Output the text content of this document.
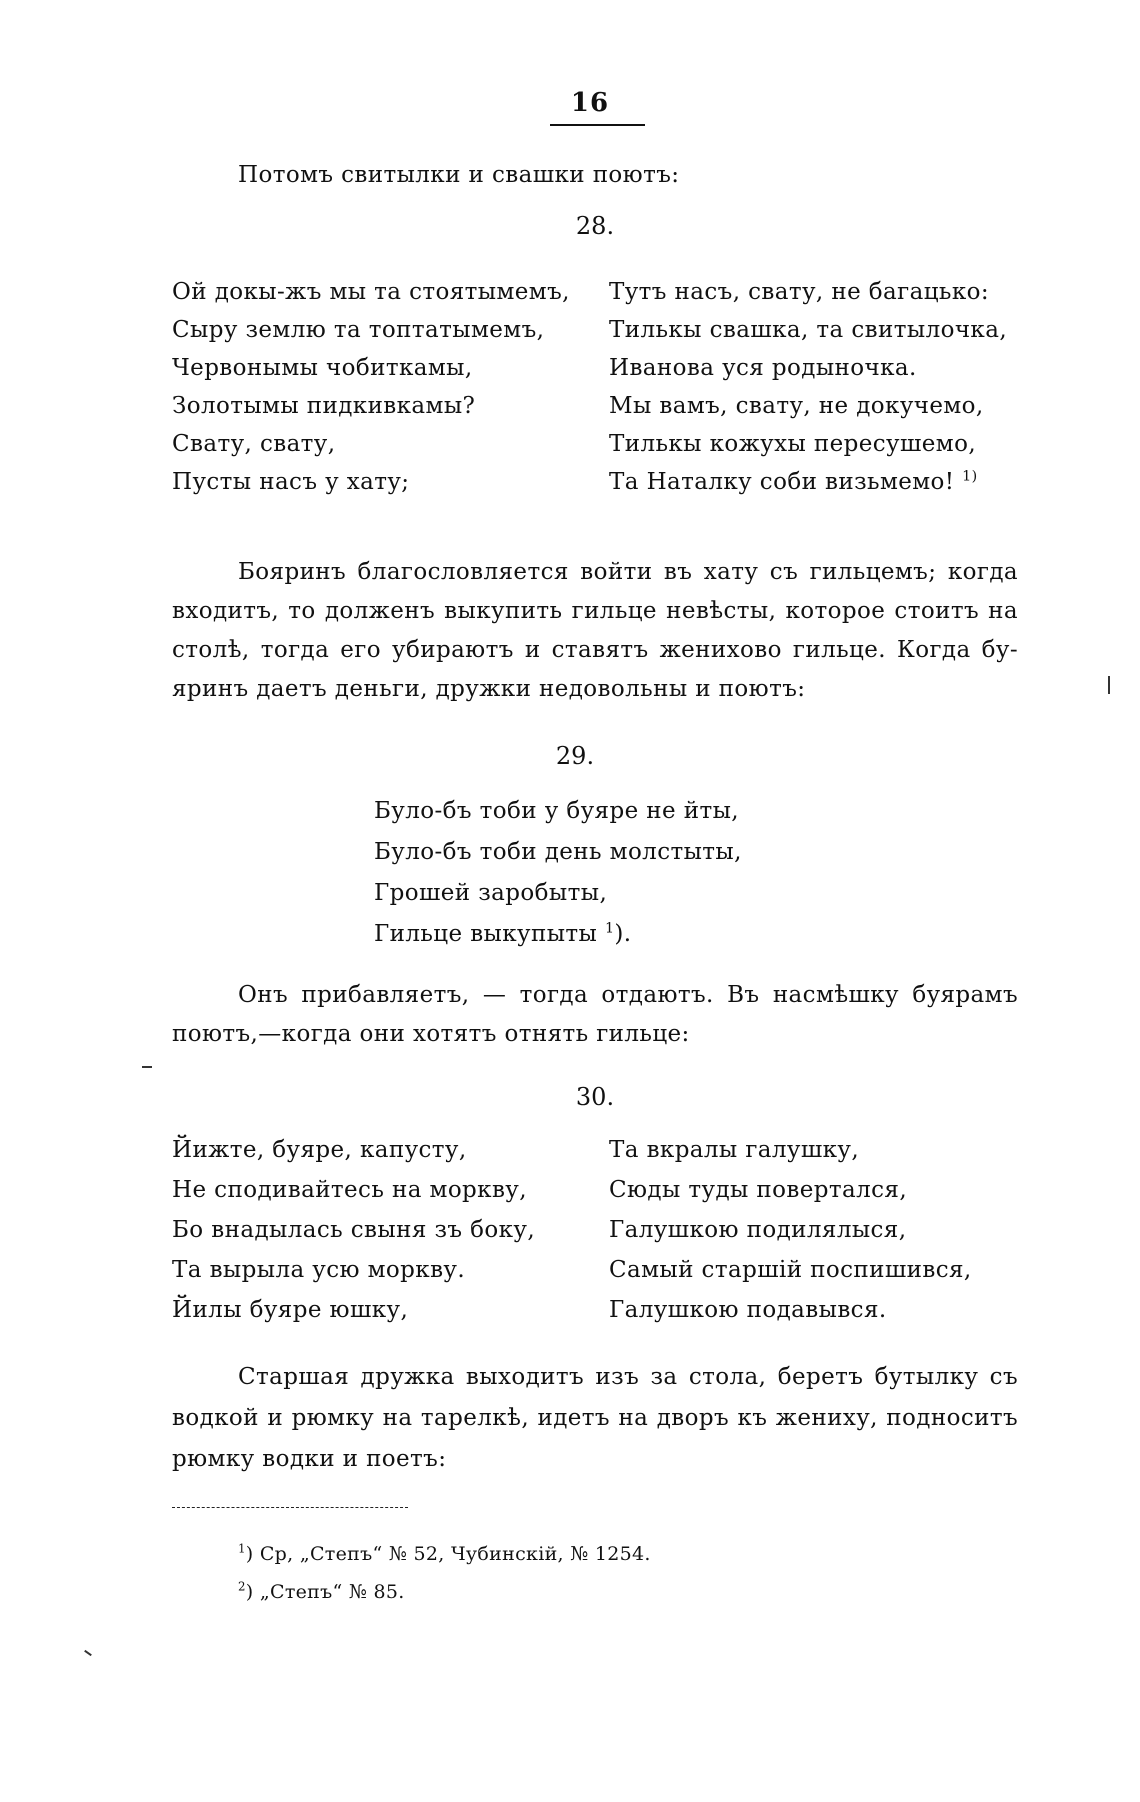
16
Потомъ свитылки и свашки поютъ:
28.
Ой докы-жъ мы та стоятымемъ,
Сыру землю та топтатымемъ,
Червонымы чобиткамы,
Золотымы пидкивкамы?
Свату, свату,
Пусты насъ у хату;
Тутъ насъ, свату, не багацько:
Тилькы свашка, та свитылочка,
Иванова уся родыночка.
Мы вамъ, свату, не докучемо,
Тилькы кожухы пересушемо,
Та Наталку соби визьмемо! $^{1)}$
Бояринъ благословляется войти въ хату съ гильцемъ; когда
входитъ, то долженъ выкупить гильце невѣсты, которое стоитъ на
столѣ, тогда его убираютъ и ставятъ женихово гильце. Когда бу-
яринъ даетъ деньги, дружки недовольны и поютъ:
29.
Було-бъ тоби у буяре не йты,
Було-бъ тоби день молстыты,
Грошей заробыты,
Гильце выкупыты $^1$).
Онъ прибавляетъ, — тогда отдаютъ. Въ насмѣшку буярамъ
поютъ,—когда они хотятъ отнять гильце:
30.
Йижте, буяре, капусту,
Не сподивайтесь на моркву,
Бо внадылась свыня зъ боку,
Та вырыла усю моркву.
Йилы буяре юшку,
Та вкралы галушку,
Сюды туды повертался,
Галушкою подилялыся,
Самый старшій поспишився,
Галушкою подавывся.
Старшая дружка выходитъ изъ за стола, беретъ бутылку съ
водкой и рюмку на тарелкѣ, идетъ на дворъ къ жениху, подноситъ
рюмку водки и поетъ:
$^1$) Ср, „Степъ“ № 52, Чубинскій, № 1254.
$^2$) „Степъ“ № 85.
